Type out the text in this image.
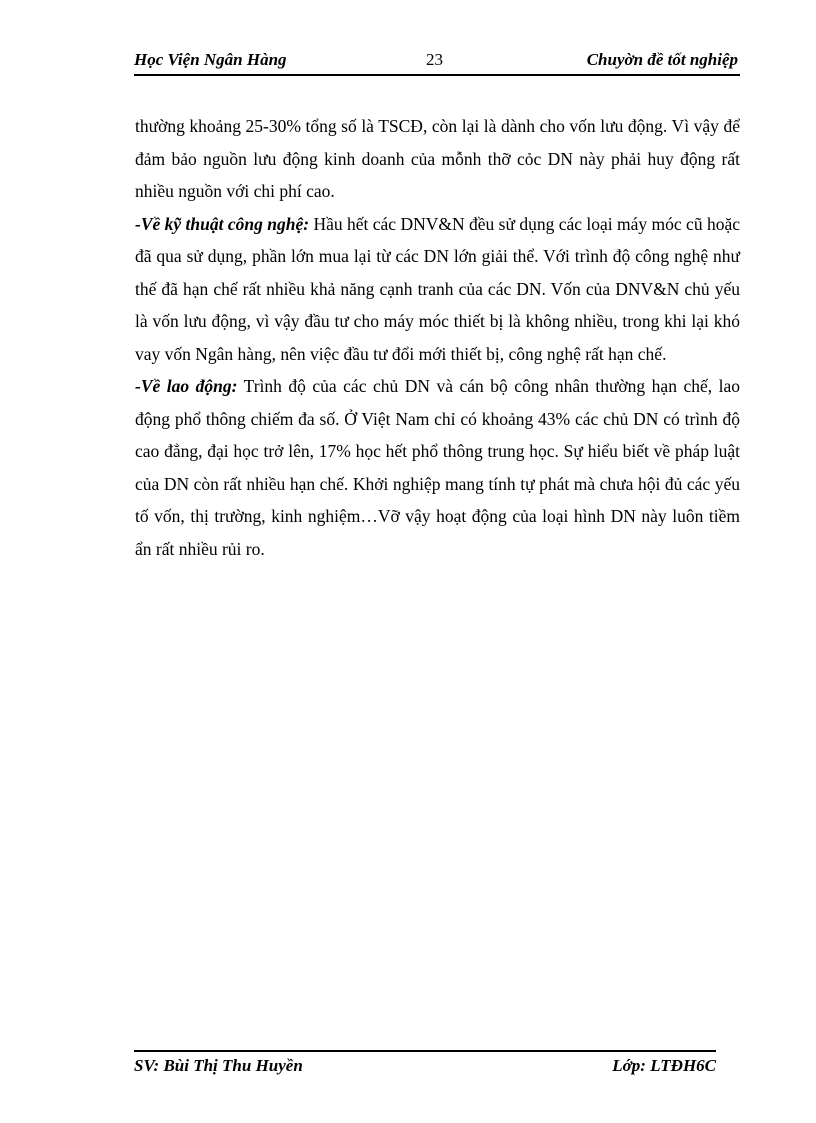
Học Viện Ngân Hàng	23	Chuyờn đề tốt nghiệp

thường khoảng 25-30% tổng số là TSCĐ, còn lại là dành cho vốn lưu động. Vì vậy để đảm bảo nguồn lưu động kinh doanh của mỗnh thỡ cỏc DN này phải huy động rất nhiều nguồn với chi phí cao.

-Về kỹ thuật công nghệ: Hầu hết các DNV&N đều sử dụng các loại máy móc cũ hoặc đã qua sử dụng, phần lớn mua lại từ các DN lớn giải thể. Với trình độ công nghệ như thế đã hạn chế rất nhiều khả năng cạnh tranh của các DN. Vốn của DNV&N chủ yếu là vốn lưu động, vì vậy đầu tư cho máy móc thiết bị là không nhiều, trong khi lại khó vay vốn Ngân hàng, nên việc đầu tư đổi mới thiết bị, công nghệ rất hạn chế.

-Về lao động: Trình độ của các chủ DN và cán bộ công nhân thường hạn chế, lao động phổ thông chiếm đa số. Ở Việt Nam chỉ có khoảng 43% các chủ DN có trình độ cao đẳng, đại học trở lên, 17% học hết phổ thông trung học. Sự hiểu biết về pháp luật của DN còn rất nhiều hạn chế. Khởi nghiệp mang tính tự phát mà chưa hội đủ các yếu tố vốn, thị trường, kinh nghiệm…Vỡ vậy hoạt động của loại hình DN này luôn tiềm ẩn rất nhiều rủi ro.

SV: Bùi Thị Thu Huyền	Lớp: LTĐH6C
